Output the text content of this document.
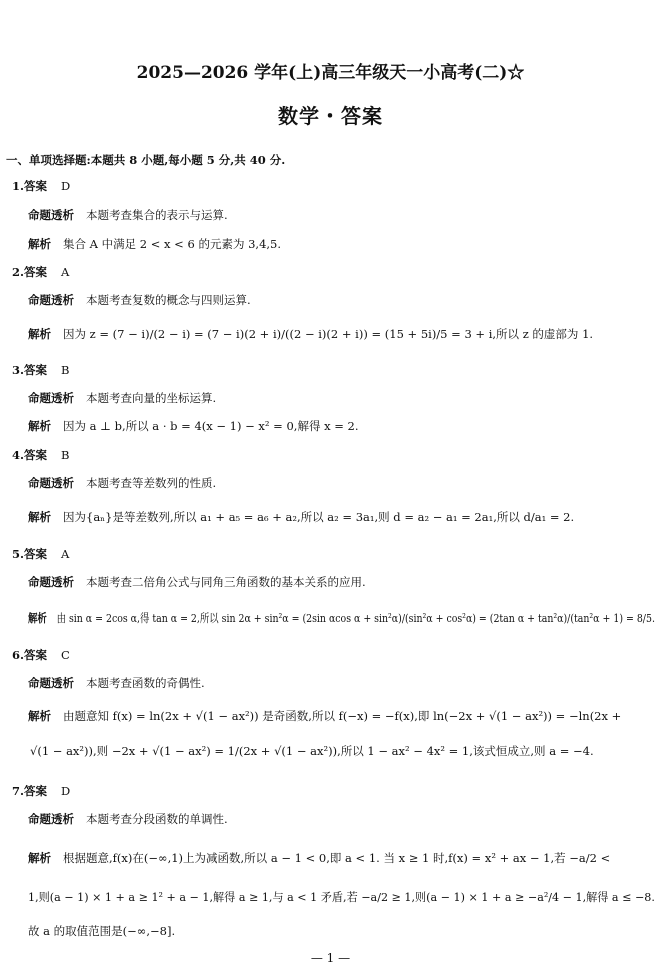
2025—2026 学年(上)高三年级天一小高考(二)☆
数学・答案
一、单项选择题:本题共 8 小题,每小题 5 分,共 40 分.
1.答案 D
命题透析 本题考查集合的表示与运算.
解析 集合 A 中满足 2 < x < 6 的元素为 3,4,5.
2.答案 A
命题透析 本题考查复数的概念与四则运算.
解析 因为 z = (7 − i)/(2 − i) = (7 − i)(2 + i)/((2 − i)(2 + i)) = (15 + 5i)/5 = 3 + i,所以 z 的虚部为 1.
3.答案 B
命题透析 本题考查向量的坐标运算.
解析 因为 a ⊥ b,所以 a · b = 4(x − 1) − x² = 0,解得 x = 2.
4.答案 B
命题透析 本题考查等差数列的性质.
解析 因为{aₙ}是等差数列,所以 a₁ + a₅ = a₆ + a₂,所以 a₂ = 3a₁,则 d = a₂ − a₁ = 2a₁,所以 d/a₁ = 2.
5.答案 A
命题透析 本题考查二倍角公式与同角三角函数的基本关系的应用.
解析 由 sin α = 2cos α,得 tan α = 2,所以 sin 2α + sin²α = (2sin αcos α + sin²α)/(sin²α + cos²α) = (2tan α + tan²α)/(tan²α + 1) = 8/5.
6.答案 C
命题透析 本题考查函数的奇偶性.
解析 由题意知 f(x) = ln(2x + √(1 − ax²)) 是奇函数,所以 f(−x) = −f(x),即 ln(−2x + √(1 − ax²)) = −ln(2x +
√(1 − ax²)),则 −2x + √(1 − ax²) = 1/(2x + √(1 − ax²)),所以 1 − ax² − 4x² = 1,该式恒成立,则 a = −4.
7.答案 D
命题透析 本题考查分段函数的单调性.
解析 根据题意,f(x)在(−∞,1)上为减函数,所以 a − 1 < 0,即 a < 1. 当 x ≥ 1 时,f(x) = x² + ax − 1,若 −a/2 <
1,则(a − 1) × 1 + a ≥ 1² + a − 1,解得 a ≥ 1,与 a < 1 矛盾,若 −a/2 ≥ 1,则(a − 1) × 1 + a ≥ −a²/4 − 1,解得 a ≤ −8.
故 a 的取值范围是(−∞,−8].
— 1 —
